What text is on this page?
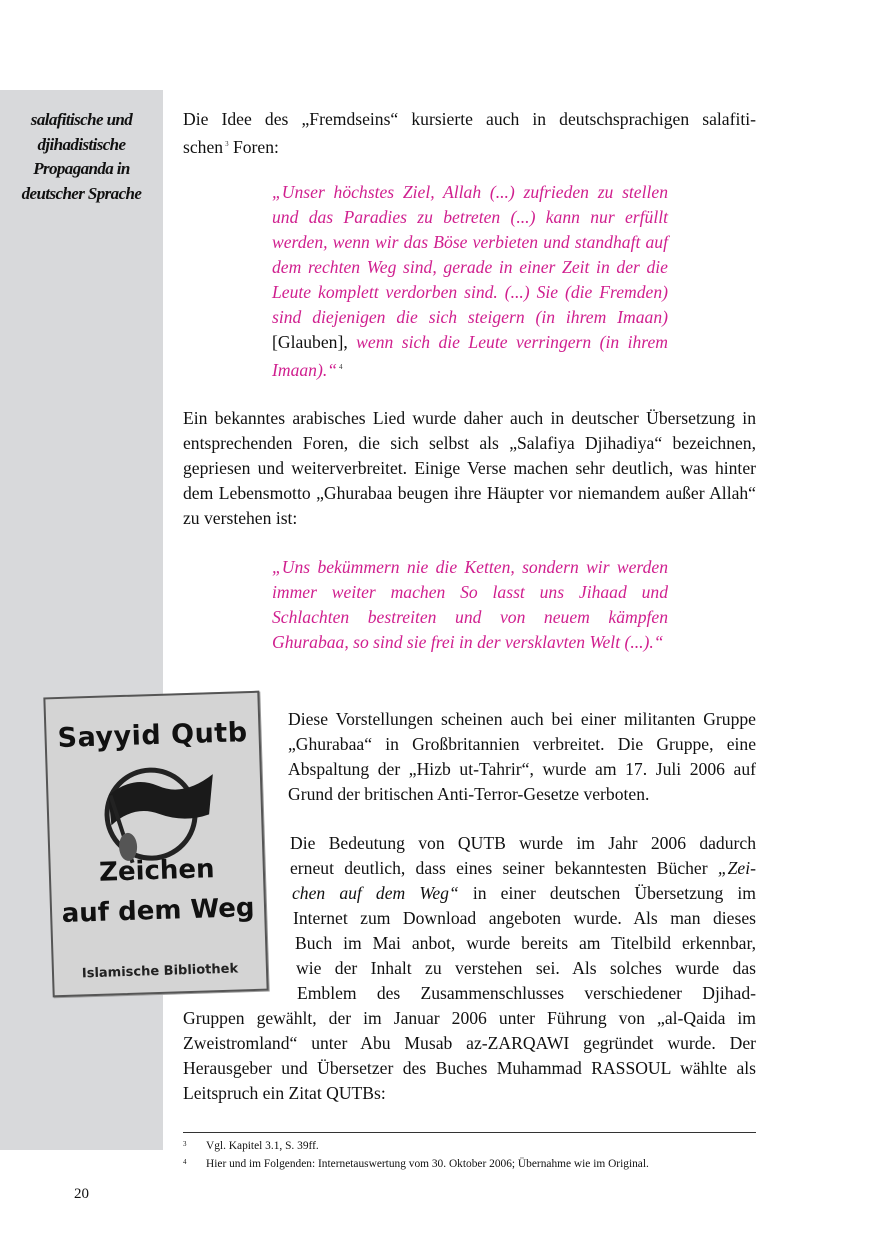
salafitische und djihadistische Propaganda in deutscher Sprache
Die Idee des „Fremdseins“ kursierte auch in deutschsprachigen salafiti-
schen $^3$ Foren:

„Unser höchstes Ziel, Allah (...) zufrieden zu stellen und das Paradies zu betreten (...) kann nur erfüllt werden, wenn wir das Böse verbieten und standhaft auf dem rechten Weg sind, gerade in einer Zeit in der die Leute komplett verdorben sind. (...) Sie (die Fremden) sind diejenigen die sich steigern (in ihrem Imaan) [Glauben], wenn sich die Leute verringern (in ihrem Imaan).“ $^4$

Ein bekanntes arabisches Lied wurde daher auch in deutscher Übersetzung in entsprechenden Foren, die sich selbst als „Salafiya Djihadiya“ bezeichnen, gepriesen und weiterverbreitet. Einige Verse machen sehr deutlich, was hinter dem Lebensmotto „Ghurabaa beugen ihre Häupter vor niemandem außer Allah“ zu verstehen ist:

„Uns bekümmern nie die Ketten, sondern wir werden immer weiter machen So lasst uns Jihaad und Schlachten bestreiten und von neuem kämpfen Ghurabaa, so sind sie frei in der versklavten Welt (...).“

Sayyid Qutb
Zeichen
auf dem Weg
Islamische Bibliothek

Diese Vorstellungen scheinen auch bei einer militanten Gruppe „Ghurabaa“ in Großbritannien verbreitet. Die Gruppe, eine Abspaltung der „Hizb ut-Tahrir“, wurde am 17. Juli 2006 auf Grund der britischen Anti-Terror-Gesetze verboten.

Die Bedeutung von QUTB wurde im Jahr 2006 dadurch
erneut deutlich, dass eines seiner bekanntesten Bücher „Zei-
chen auf dem Weg“ in einer deutschen Übersetzung im
Internet zum Download angeboten wurde. Als man dieses
Buch im Mai anbot, wurde bereits am Titelbild erkennbar,
wie der Inhalt zu verstehen sei. Als solches wurde das
Emblem des Zusammenschlusses verschiedener Djihad-
Gruppen gewählt, der im Januar 2006 unter Führung von „al-Qaida im Zweistromland“ unter Abu Musab az-ZARQAWI gegründet wurde. Der Herausgeber und Übersetzer des Buches Muhammad RASSOUL wählte als Leitspruch ein Zitat QUTBs:
3 Vgl. Kapitel 3.1, S. 39ff.
4 Hier und im Folgenden: Internetauswertung vom 30. Oktober 2006; Übernahme wie im Original.
20
